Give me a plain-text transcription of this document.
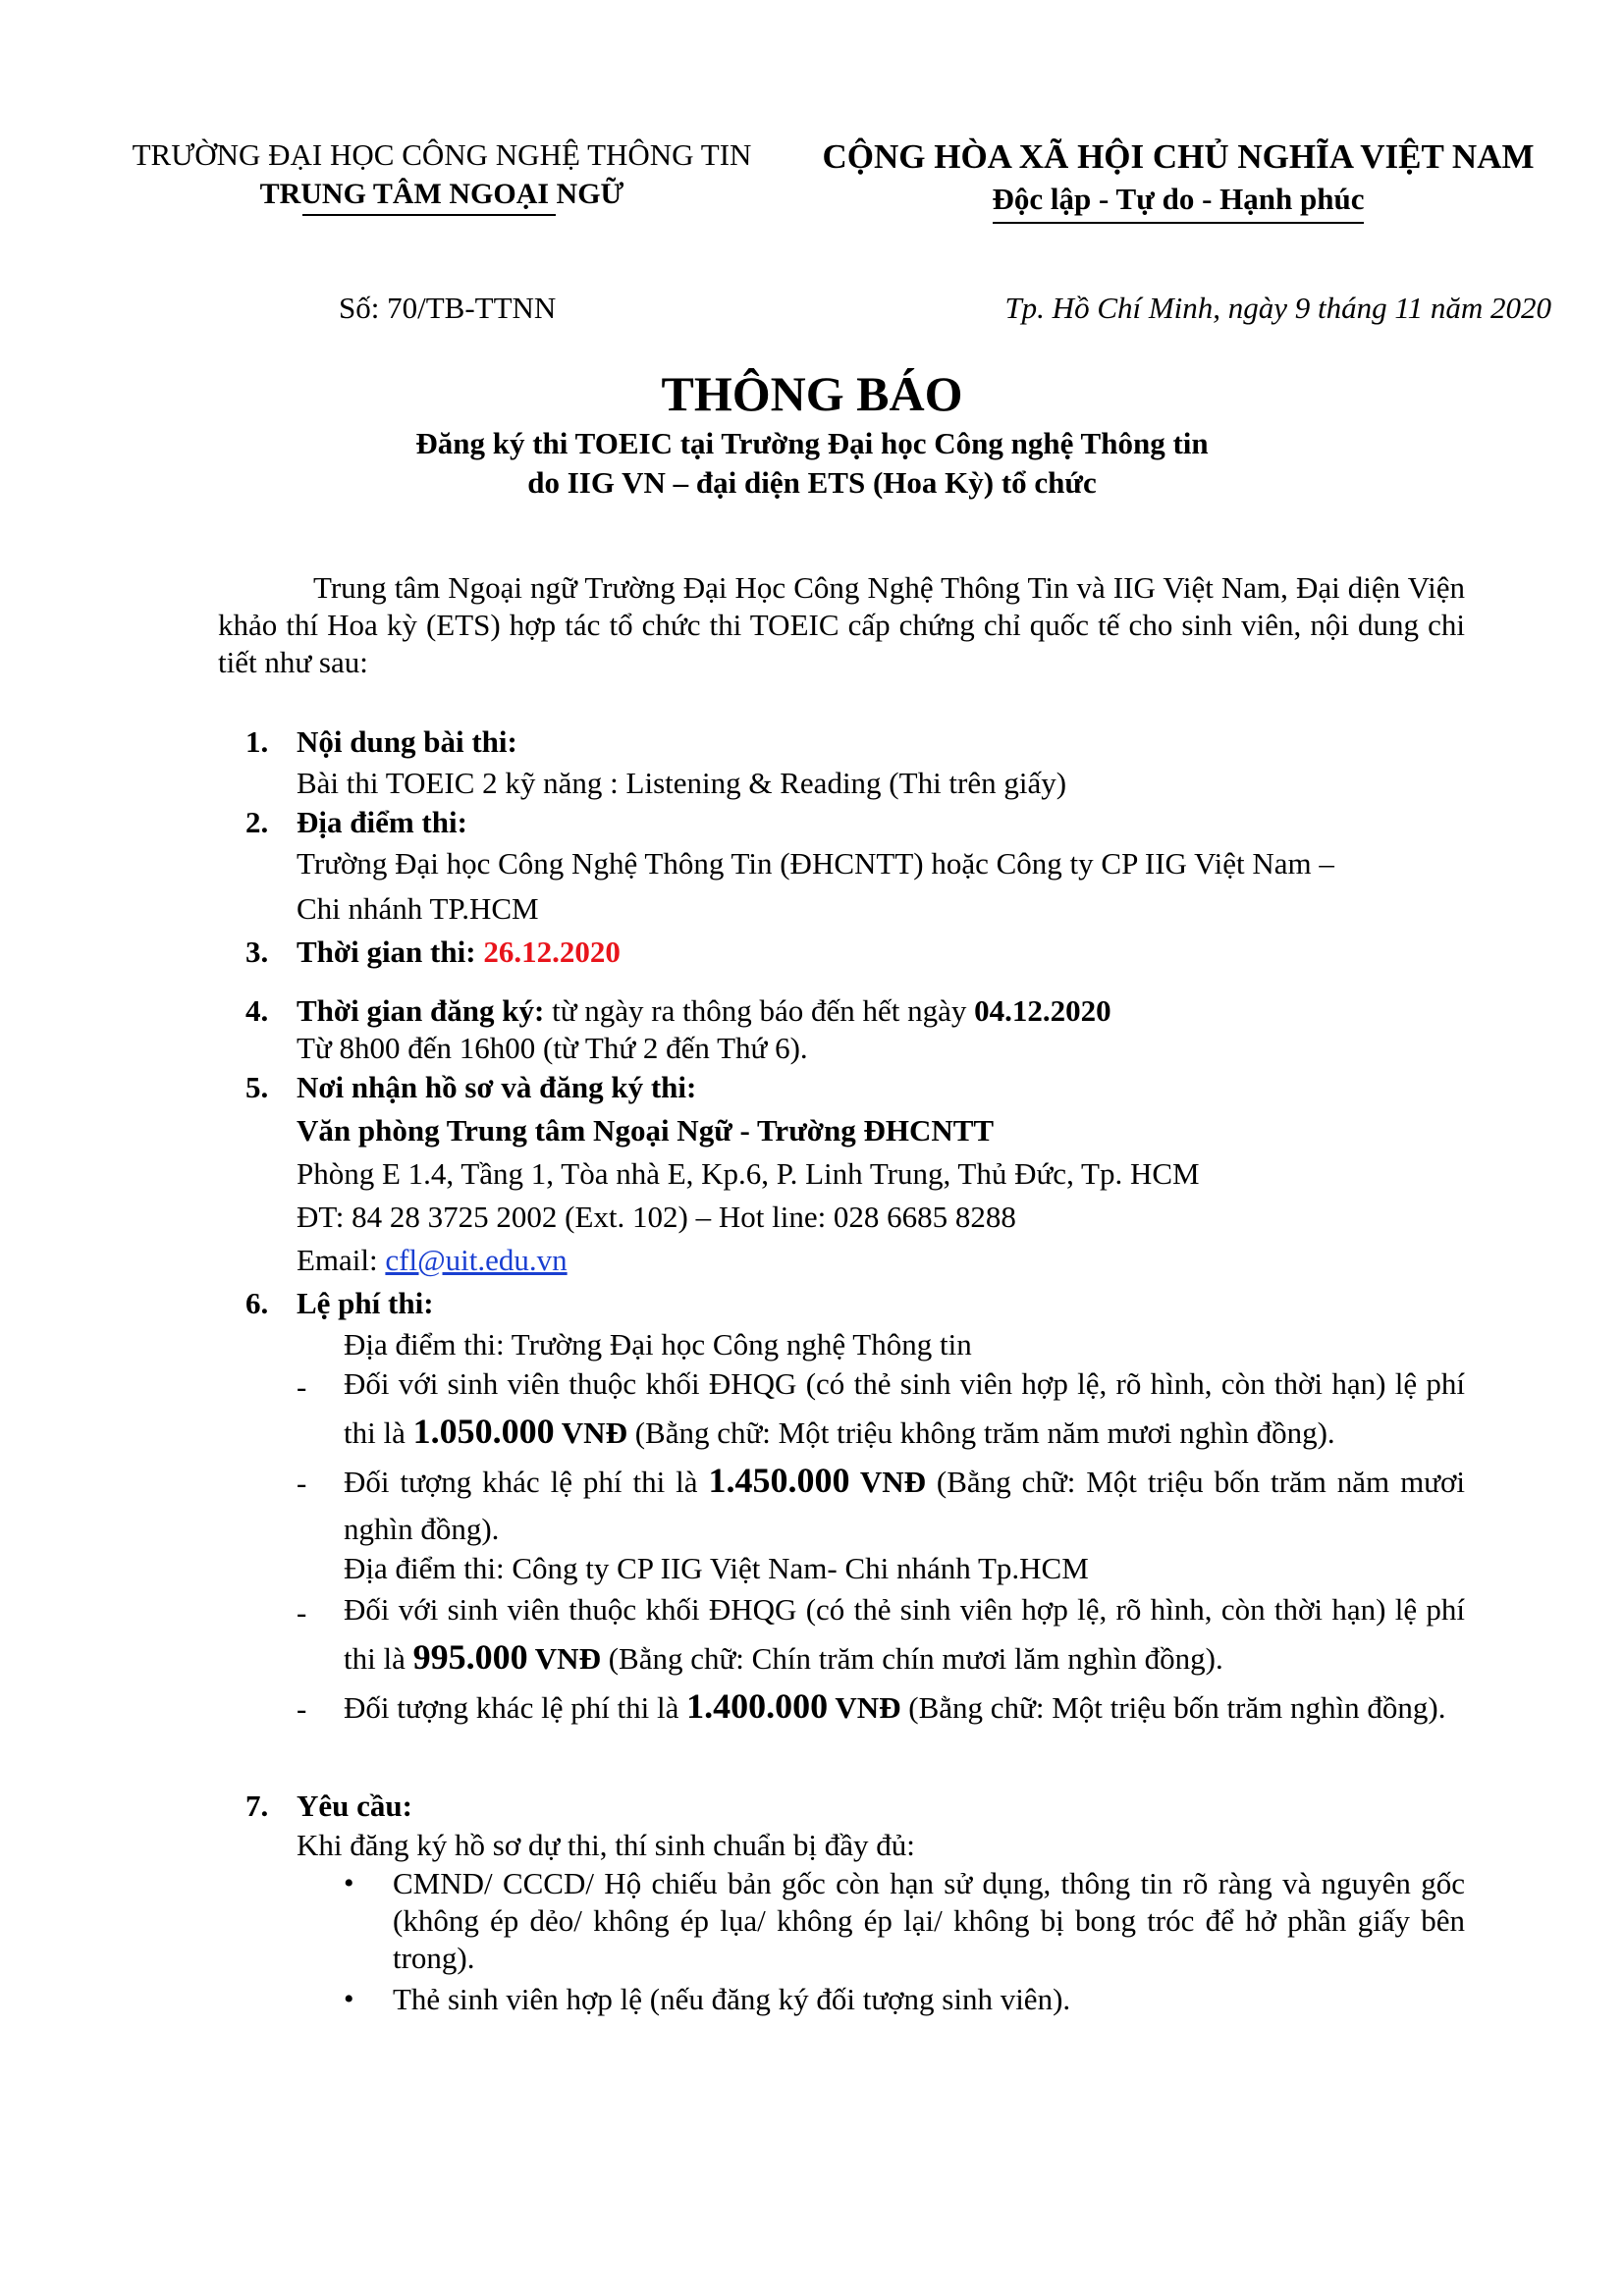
TRƯỜNG ĐẠI HỌC CÔNG NGHỆ THÔNG TIN
TRUNG TÂM NGOẠI NGỮ
CỘNG HÒA XÃ HỘI CHỦ NGHĨA VIỆT NAM
Độc lập - Tự do - Hạnh phúc
Số: 70/TB-TTNN	Tp. Hồ Chí Minh, ngày 9 tháng 11 năm 2020
THÔNG BÁO
Đăng ký thi TOEIC tại Trường Đại học Công nghệ Thông tin
do IIG VN – đại diện ETS (Hoa Kỳ) tổ chức
Trung tâm Ngoại ngữ Trường Đại Học Công Nghệ Thông Tin và IIG Việt Nam, Đại diện Viện khảo thí Hoa kỳ (ETS) hợp tác tổ chức thi TOEIC cấp chứng chỉ quốc tế cho sinh viên, nội dung chi tiết như sau:
1. Nội dung bài thi:
Bài thi TOEIC 2 kỹ năng : Listening & Reading (Thi trên giấy)
2. Địa điểm thi:
Trường Đại học Công Nghệ Thông Tin (ĐHCNTT) hoặc Công ty CP IIG Việt Nam –
Chi nhánh TP.HCM
3. Thời gian thi: 26.12.2020
4. Thời gian đăng ký: từ ngày ra thông báo đến hết ngày 04.12.2020
Từ 8h00 đến 16h00 (từ Thứ 2 đến Thứ 6).
5. Nơi nhận hồ sơ và đăng ký thi:
Văn phòng Trung tâm Ngoại Ngữ - Trường ĐHCNTT
Phòng E 1.4, Tầng 1, Tòa nhà E, Kp.6, P. Linh Trung, Thủ Đức, Tp. HCM
ĐT: 84 28 3725 2002 (Ext. 102) – Hot line: 028 6685 8288
Email: cfl@uit.edu.vn
6. Lệ phí thi:
Địa điểm thi: Trường Đại học Công nghệ Thông tin
- Đối với sinh viên thuộc khối ĐHQG (có thẻ sinh viên hợp lệ, rõ hình, còn thời hạn) lệ phí thi là 1.050.000 VNĐ (Bằng chữ: Một triệu không trăm năm mươi nghìn đồng).
- Đối tượng khác lệ phí thi là 1.450.000 VNĐ (Bằng chữ: Một triệu bốn trăm năm mươi nghìn đồng).
Địa điểm thi: Công ty CP IIG Việt Nam- Chi nhánh Tp.HCM
- Đối với sinh viên thuộc khối ĐHQG (có thẻ sinh viên hợp lệ, rõ hình, còn thời hạn) lệ phí thi là 995.000 VNĐ (Bằng chữ: Chín trăm chín mươi lăm nghìn đồng).
- Đối tượng khác lệ phí thi là 1.400.000 VNĐ (Bằng chữ: Một triệu bốn trăm nghìn đồng).
7. Yêu cầu:
Khi đăng ký hồ sơ dự thi, thí sinh chuẩn bị đầy đủ:
• CMND/ CCCD/ Hộ chiếu bản gốc còn hạn sử dụng, thông tin rõ ràng và nguyên gốc (không ép dẻo/ không ép lụa/ không ép lại/ không bị bong tróc để hở phần giấy bên trong).
• Thẻ sinh viên hợp lệ (nếu đăng ký đối tượng sinh viên).
